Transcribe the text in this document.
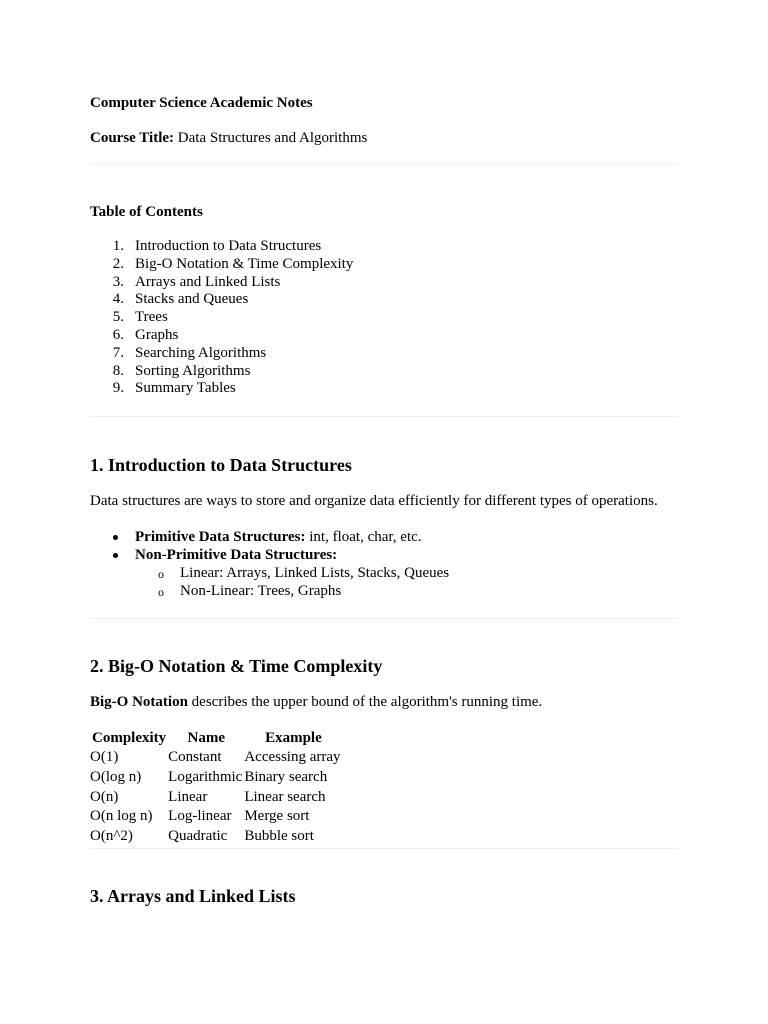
Computer Science Academic Notes
Course Title: Data Structures and Algorithms
Table of Contents
1. Introduction to Data Structures
2. Big-O Notation & Time Complexity
3. Arrays and Linked Lists
4. Stacks and Queues
5. Trees
6. Graphs
7. Searching Algorithms
8. Sorting Algorithms
9. Summary Tables
1. Introduction to Data Structures
Data structures are ways to store and organize data efficiently for different types of operations.
Primitive Data Structures: int, float, char, etc.
Non-Primitive Data Structures:
o Linear: Arrays, Linked Lists, Stacks, Queues
o Non-Linear: Trees, Graphs
2. Big-O Notation & Time Complexity
Big-O Notation describes the upper bound of the algorithm's running time.
Complexity	Name	Example
O(1)	Constant	Accessing array
O(log n)	Logarithmic	Binary search
O(n)	Linear	Linear search
O(n log n)	Log-linear	Merge sort
O(n^2)	Quadratic	Bubble sort
3. Arrays and Linked Lists
